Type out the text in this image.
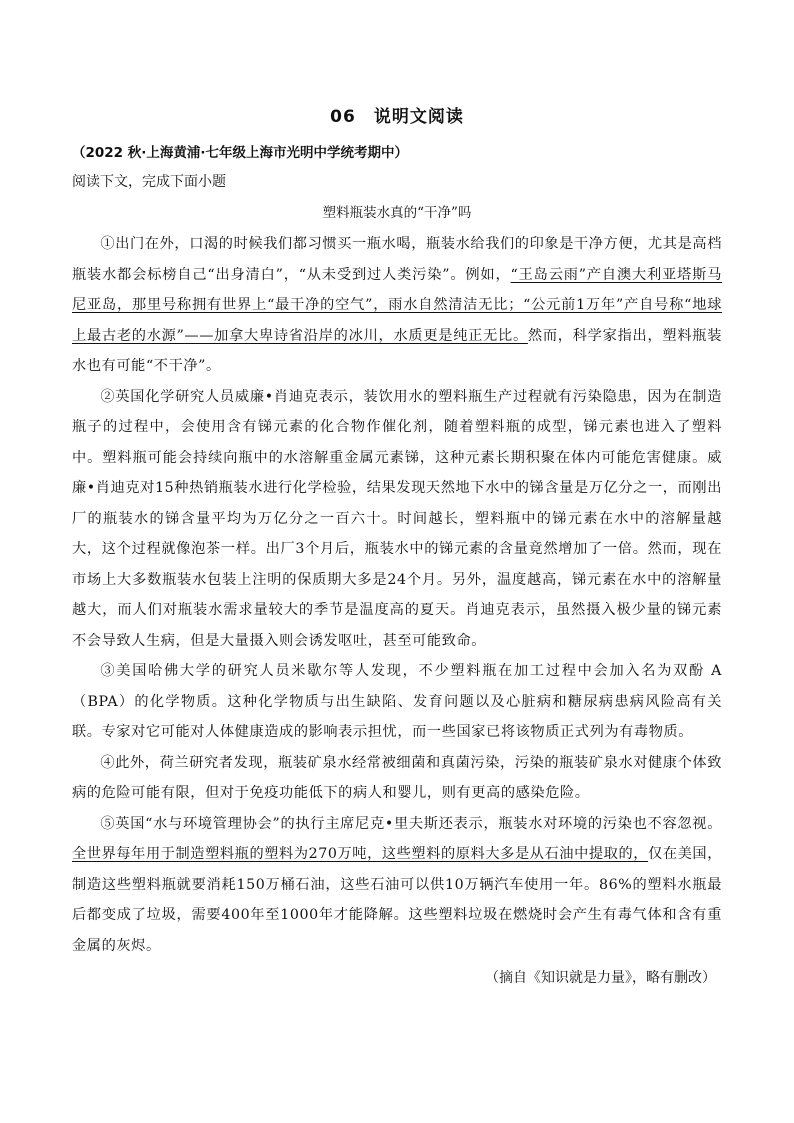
06　说明文阅读
（2022 秋·上海黄浦·七年级上海市光明中学统考期中）
阅读下文，完成下面小题
塑料瓶装水真的“干净”吗

①出门在外，口渴的时候我们都习惯买一瓶水喝，瓶装水给我们的印象是干净方便，尤其是高档瓶装水都会标榜自己“出身清白”，“从未受到过人类污染”。例如，“王岛云雨”产自澳大利亚塔斯马尼亚岛，那里号称拥有世界上“最干净的空气”，雨水自然清洁无比；“公元前1万年”产自号称“地球上最古老的水源”——加拿大卑诗省沿岸的冰川，水质更是纯正无比。然而，科学家指出，塑料瓶装水也有可能“不干净”。

②英国化学研究人员威廉•肖迪克表示，装饮用水的塑料瓶生产过程就有污染隐患，因为在制造瓶子的过程中，会使用含有锑元素的化合物作催化剂，随着塑料瓶的成型，锑元素也进入了塑料中。塑料瓶可能会持续向瓶中的水溶解重金属元素锑，这种元素长期积聚在体内可能危害健康。威廉•肖迪克对15种热销瓶装水进行化学检验，结果发现天然地下水中的锑含量是万亿分之一，而刚出厂的瓶装水的锑含量平均为万亿分之一百六十。时间越长，塑料瓶中的锑元素在水中的溶解量越大，这个过程就像泡茶一样。出厂3个月后，瓶装水中的锑元素的含量竟然增加了一倍。然而，现在市场上大多数瓶装水包装上注明的保质期大多是24个月。另外，温度越高，锑元素在水中的溶解量越大，而人们对瓶装水需求量较大的季节是温度高的夏天。肖迪克表示，虽然摄入极少量的锑元素不会导致人生病，但是大量摄入则会诱发呕吐，甚至可能致命。

③美国哈佛大学的研究人员米歇尔等人发现，不少塑料瓶在加工过程中会加入名为双酚 A（BPA）的化学物质。这种化学物质与出生缺陷、发育问题以及心脏病和糖尿病患病风险高有关联。专家对它可能对人体健康造成的影响表示担忧，而一些国家已将该物质正式列为有毒物质。

④此外，荷兰研究者发现，瓶装矿泉水经常被细菌和真菌污染，污染的瓶装矿泉水对健康个体致病的危险可能有限，但对于免疫功能低下的病人和婴儿，则有更高的感染危险。

⑤英国“水与环境管理协会”的执行主席尼克•里夫斯还表示，瓶装水对环境的污染也不容忽视。全世界每年用于制造塑料瓶的塑料为270万吨，这些塑料的原料大多是从石油中提取的，仅在美国，制造这些塑料瓶就要消耗150万桶石油，这些石油可以供10万辆汽车使用一年。86%的塑料水瓶最后都变成了垃圾，需要400年至1000年才能降解。这些塑料垃圾在燃烧时会产生有毒气体和含有重金属的灰烬。

（摘自《知识就是力量》，略有删改）
